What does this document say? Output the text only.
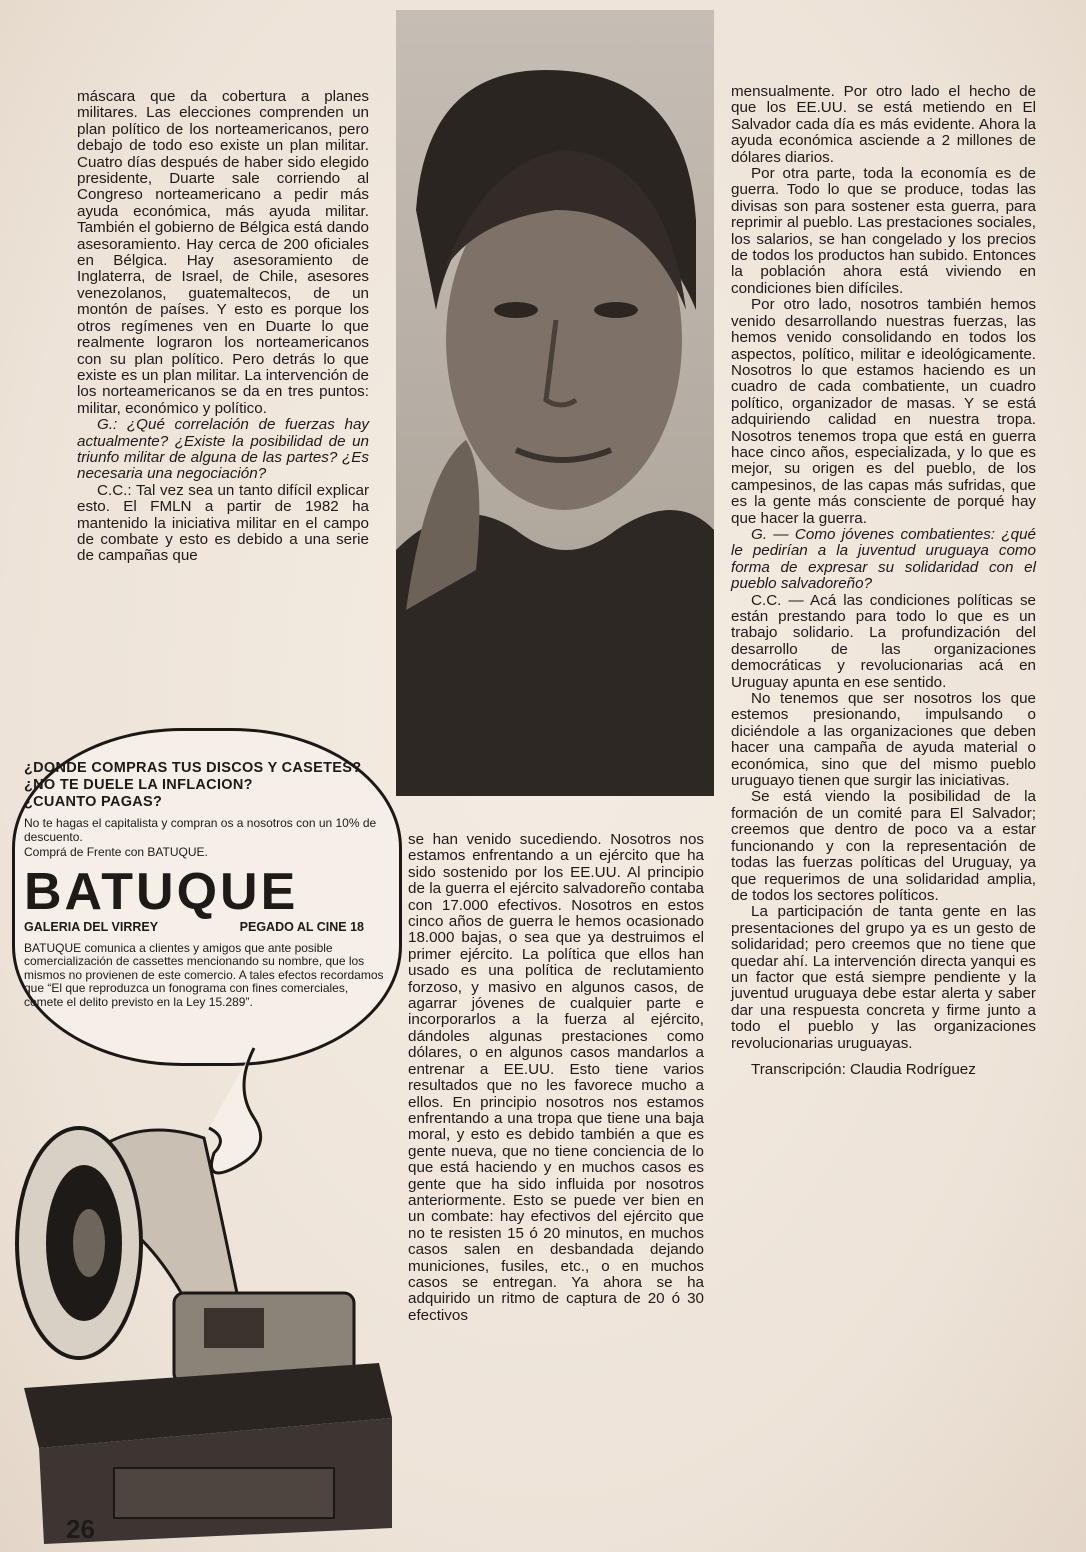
máscara que da cobertura a planes militares. Las elecciones comprenden un plan político de los norteamericanos, pero debajo de todo eso existe un plan militar. Cuatro días después de haber sido elegido presidente, Duarte sale corriendo al Congreso norteamericano a pedir más ayuda económica, más ayuda militar. También el gobierno de Bélgica está dando asesoramiento. Hay cerca de 200 oficiales en Bélgica. Hay asesoramiento de Inglaterra, de Israel, de Chile, asesores venezolanos, guatemaltecos, de un montón de países. Y esto es porque los otros regímenes ven en Duarte lo que realmente lograron los norteamericanos con su plan político. Pero detrás lo que existe es un plan militar. La intervención de los norteamericanos se da en tres puntos: militar, económico y político.

G.: ¿Qué correlación de fuerzas hay actualmente? ¿Existe la posibilidad de un triunfo militar de alguna de las partes? ¿Es necesaria una negociación?

C.C.: Tal vez sea un tanto difícil explicar esto. El FMLN a partir de 1982 ha mantenido la iniciativa militar en el campo de combate y esto es debido a una serie de campañas que

se han venido sucediendo. Nosotros nos estamos enfrentando a un ejército que ha sido sostenido por los EE.UU. Al principio de la guerra el ejército salvadoreño contaba con 17.000 efectivos. Nosotros en estos cinco años de guerra le hemos ocasionado 18.000 bajas, o sea que ya destruimos el primer ejército. La política que ellos han usado es una política de reclutamiento forzoso, y masivo en algunos casos, de agarrar jóvenes de cualquier parte e incorporarlos a la fuerza al ejército, dándoles algunas prestaciones como dólares, o en algunos casos mandarlos a entrenar a EE.UU. Esto tiene varios resultados que no les favorece mucho a ellos. En principio nosotros nos estamos enfrentando a una tropa que tiene una baja moral, y esto es debido también a que es gente nueva, que no tiene conciencia de lo que está haciendo y en muchos casos es gente que ha sido influida por nosotros anteriormente. Esto se puede ver bien en un combate: hay efectivos del ejército que no te resisten 15 ó 20 minutos, en muchos casos salen en desbandada dejando municiones, fusiles, etc., o en muchos casos se entregan. Ya ahora se ha adquirido un ritmo de captura de 20 ó 30 efectivos

mensualmente. Por otro lado el hecho de que los EE.UU. se está metiendo en El Salvador cada día es más evidente. Ahora la ayuda económica asciende a 2 millones de dólares diarios.

Por otra parte, toda la economía es de guerra. Todo lo que se produce, todas las divisas son para sostener esta guerra, para reprimir al pueblo. Las prestaciones sociales, los salarios, se han congelado y los precios de todos los productos han subido. Entonces la población ahora está viviendo en condiciones bien difíciles.

Por otro lado, nosotros también hemos venido desarrollando nuestras fuerzas, las hemos venido consolidando en todos los aspectos, político, militar e ideológicamente. Nosotros lo que estamos haciendo es un cuadro de cada combatiente, un cuadro político, organizador de masas. Y se está adquiriendo calidad en nuestra tropa. Nosotros tenemos tropa que está en guerra hace cinco años, especializada, y lo que es mejor, su origen es del pueblo, de los campesinos, de las capas más sufridas, que es la gente más consciente de porqué hay que hacer la guerra.

G. — Como jóvenes combatientes: ¿qué le pedirían a la juventud uruguaya como forma de expresar su solidaridad con el pueblo salvadoreño?

C.C. — Acá las condiciones políticas se están prestando para todo lo que es un trabajo solidario. La profundización del desarrollo de las organizaciones democráticas y revolucionarias acá en Uruguay apunta en ese sentido.

No tenemos que ser nosotros los que estemos presionando, impulsando o diciéndole a las organizaciones que deben hacer una campaña de ayuda material o económica, sino que del mismo pueblo uruguayo tienen que surgir las iniciativas.

Se está viendo la posibilidad de la formación de un comité para El Salvador; creemos que dentro de poco va a estar funcionando y con la representación de todas las fuerzas políticas del Uruguay, ya que requerimos de una solidaridad amplia, de todos los sectores políticos.

La participación de tanta gente en las presentaciones del grupo ya es un gesto de solidaridad; pero creemos que no tiene que quedar ahí. La intervención directa yanqui es un factor que está siempre pendiente y la juventud uruguaya debe estar alerta y saber dar una respuesta concreta y firme junto a todo el pueblo y las organizaciones revolucionarias uruguayas.

Transcripción: Claudia Rodríguez

¿DONDE COMPRAS TUS DISCOS Y CASETES?

¿NO TE DUELE LA INFLACION?

¿CUANTO PAGAS?

No te hagas el capitalista y compran os a nosotros con un 10% de descuento.

Comprá de Frente con BATUQUE.

BATUQUE

GALERIA DEL VIRREY	PEGADO AL CINE 18

BATUQUE comunica a clientes y amigos que ante posible comercialización de cassettes mencionando su nombre, que los mismos no provienen de este comercio. A tales efectos recordamos que “El que reproduzca un fonograma con fines comerciales, comete el delito previsto en la Ley 15.289”.

26
